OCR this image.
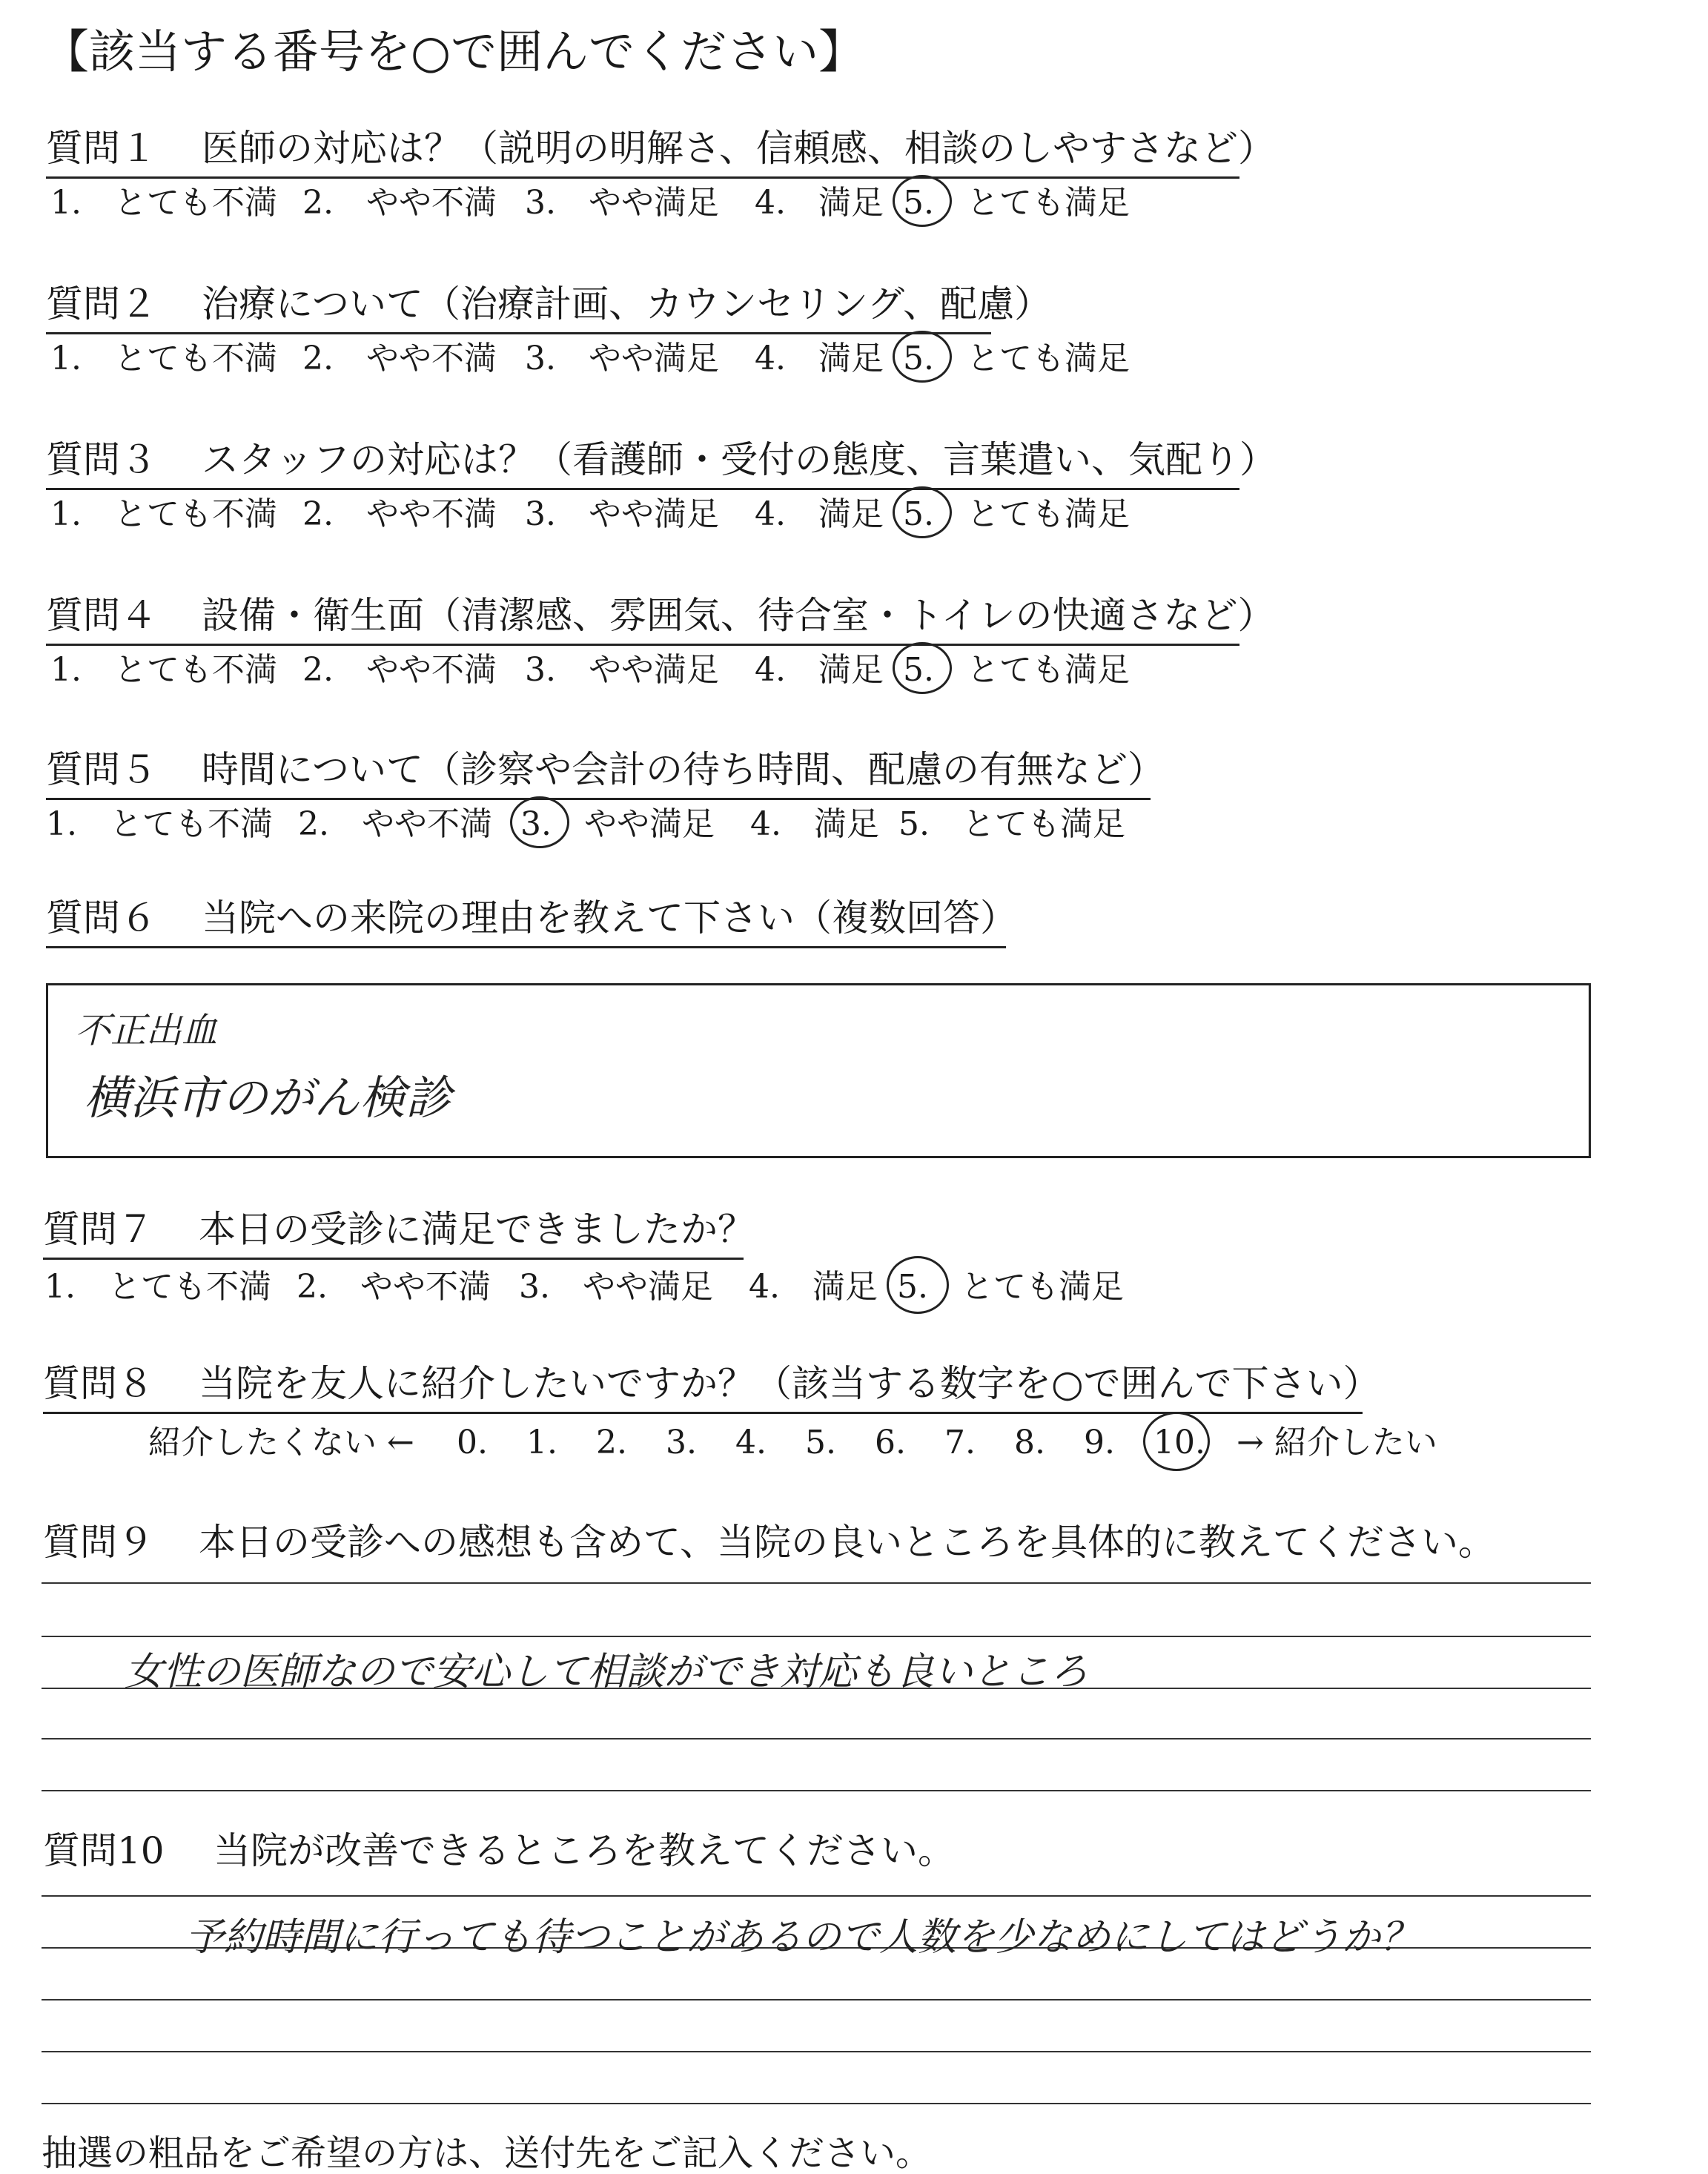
【該当する番号を○で囲んでください】
質問１ 医師の対応は？（説明の明解さ、信頼感、相談のしやすさなど）
1.　とても不満 2.　やや不満 3.　やや満足 4.　満足 5.　とても満足
質問２ 治療について（治療計画、カウンセリング、配慮）
1.　とても不満 2.　やや不満 3.　やや満足 4.　満足 5.　とても満足
質問３ スタッフの対応は？（看護師・受付の態度、言葉遣い、気配り）
1.　とても不満 2.　やや不満 3.　やや満足 4.　満足 5.　とても満足
質問４ 設備・衛生面（清潔感、雰囲気、待合室・トイレの快適さなど）
1.　とても不満 2.　やや不満 3.　やや満足 4.　満足 5.　とても満足
質問５ 時間について（診察や会計の待ち時間、配慮の有無など）
1.　とても不満 2.　やや不満 3.　やや満足 4.　満足 5.　とても満足
質問６ 当院への来院の理由を教えて下さい（複数回答）
不正出血
横浜市のがん検診
質問７ 本日の受診に満足できましたか？
1.　とても不満 2.　やや不満 3.　やや満足 4.　満足 5.　とても満足
質問８ 当院を友人に紹介したいですか？（該当する数字を○で囲んで下さい）
紹介したくない ← 0. 1. 2. 3. 4. 5. 6. 7. 8. 9. 10. → 紹介したい
質問９ 本日の受診への感想も含めて、当院の良いところを具体的に教えてください。
女性の医師なので安心して相談ができ対応も良いところ
質問10 当院が改善できるところを教えてください。
予約時間に行っても待つことがあるので人数を少なめにしてはどうか？
抽選の粗品をご希望の方は、送付先をご記入ください。
